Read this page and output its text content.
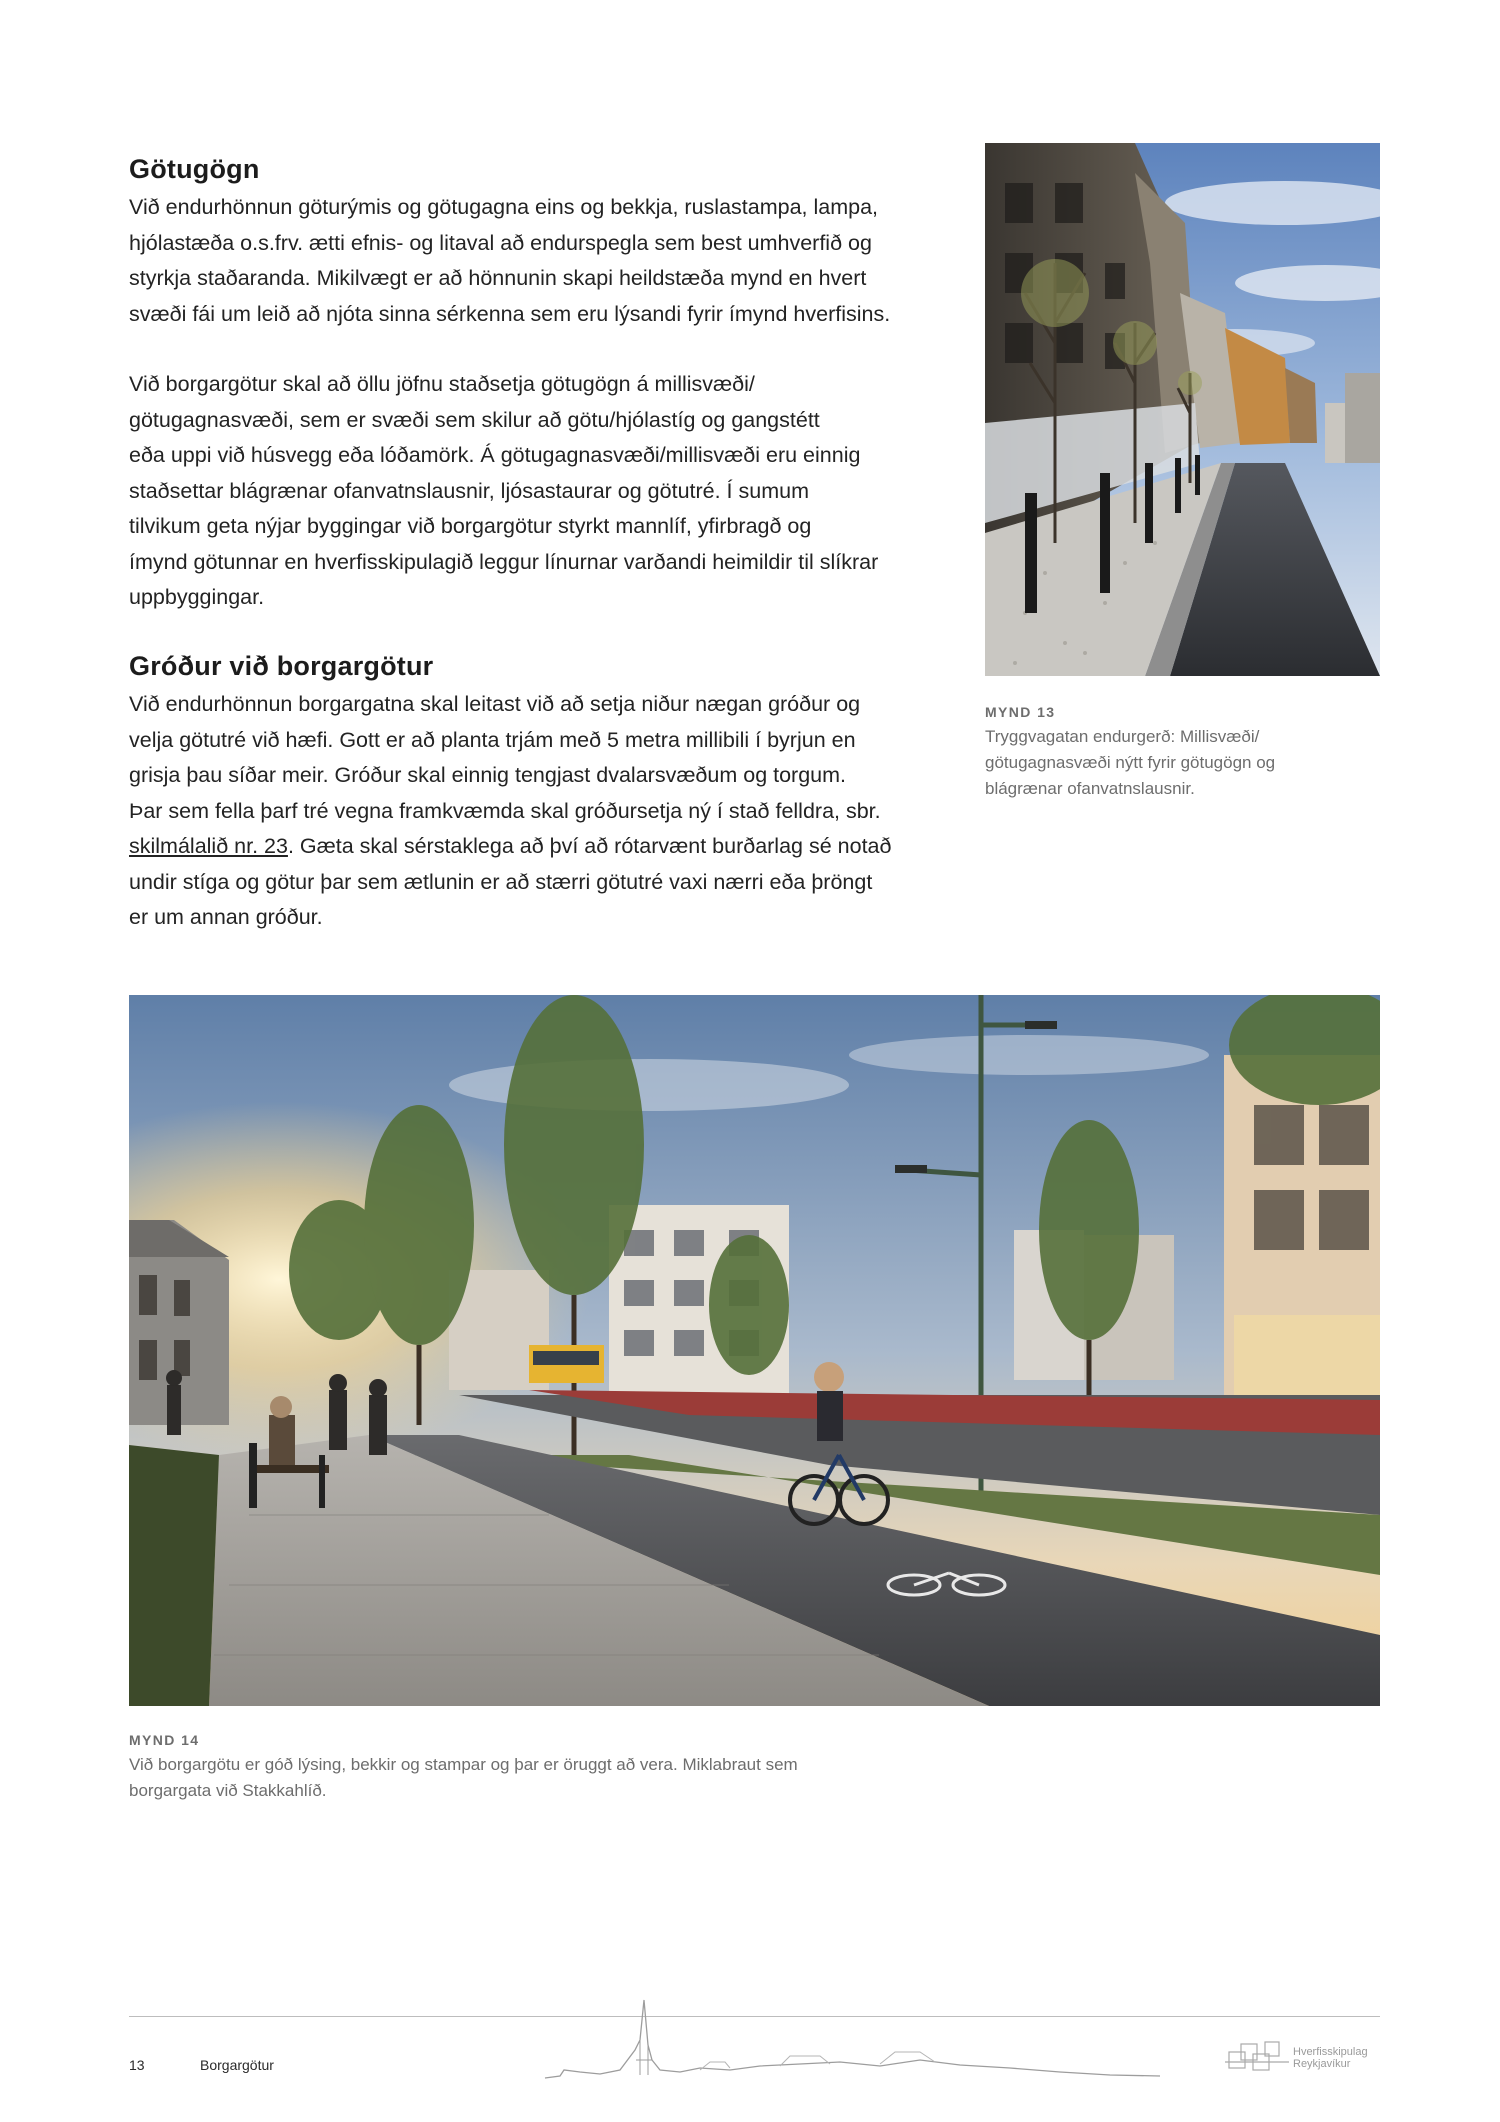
Götugögn
Við endurhönnun göturýmis og götugagna eins og bekkja, ruslastampa, lampa,
hjólastæða o.s.frv. ætti efnis- og litaval að endurspegla sem best umhverfið og
styrkja staðaranda. Mikilvægt er að hönnunin skapi heildstæða mynd en hvert
svæði fái um leið að njóta sinna sérkenna sem eru lýsandi fyrir ímynd hverfisins.
Við borgargötur skal að öllu jöfnu staðsetja götugögn á millisvæði/
götugagnasvæði, sem er svæði sem skilur að götu/hjólastíg og gangstétt
eða uppi við húsvegg eða lóðamörk. Á götugagnasvæði/millisvæði eru einnig
staðsettar blágrænar ofanvatnslausnir, ljósastaurar og götutré. Í sumum
tilvikum geta nýjar byggingar við borgargötur styrkt mannlíf, yfirbragð og
ímynd götunnar en hverfisskipulagið leggur línurnar varðandi heimildir til slíkrar
uppbyggingar.
Gróður við borgargötur
Við endurhönnun borgargatna skal leitast við að setja niður nægan gróður og
velja götutré við hæfi. Gott er að planta trjám með 5 metra millibili í byrjun en
grisja þau síðar meir. Gróður skal einnig tengjast dvalarsvæðum og torgum.
Þar sem fella þarf tré vegna framkvæmda skal gróðursetja ný í stað felldra, sbr.
skilmálalið nr. 23. Gæta skal sérstaklega að því að rótarvænt burðarlag sé notað
undir stíga og götur þar sem ætlunin er að stærri götutré vaxi nærri eða þröngt
er um annan gróður.
MYND 13
Tryggvagatan endurgerð: Millisvæði/
götugagnasvæði nýtt fyrir götugögn og
blágrænar ofanvatnslausnir.
MYND 14
Við borgargötu er góð lýsing, bekkir og stampar og þar er öruggt að vera. Miklabraut sem
borgargata við Stakkahlíð.
13	Borgargötur
Hverfisskipulag
Reykjavíkur
